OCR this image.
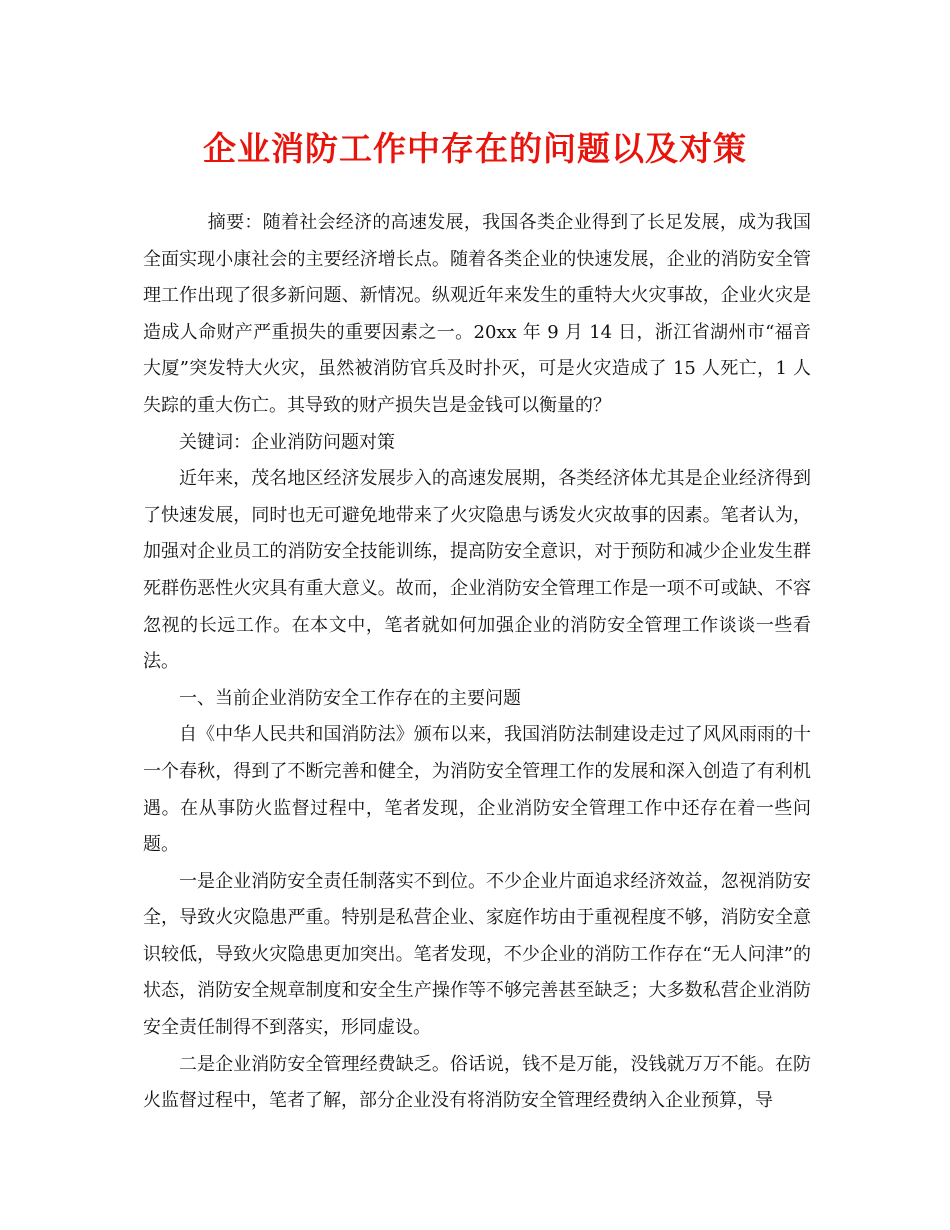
企业消防工作中存在的问题以及对策

摘要：随着社会经济的高速发展，我国各类企业得到了长足发展，成为我国全面实现小康社会的主要经济增长点。随着各类企业的快速发展，企业的消防安全管理工作出现了很多新问题、新情况。纵观近年来发生的重特大火灾事故，企业火灾是造成人命财产严重损失的重要因素之一。20xx 年 9 月 14 日，浙江省湖州市“福音大厦”突发特大火灾，虽然被消防官兵及时扑灭，可是火灾造成了 15 人死亡，1 人失踪的重大伤亡。其导致的财产损失岂是金钱可以衡量的？

关键词：企业消防问题对策

近年来，茂名地区经济发展步入的高速发展期，各类经济体尤其是企业经济得到了快速发展，同时也无可避免地带来了火灾隐患与诱发火灾故事的因素。笔者认为，加强对企业员工的消防安全技能训练，提高防安全意识，对于预防和减少企业发生群死群伤恶性火灾具有重大意义。故而，企业消防安全管理工作是一项不可或缺、不容忽视的长远工作。在本文中，笔者就如何加强企业的消防安全管理工作谈谈一些看法。

一、当前企业消防安全工作存在的主要问题

自《中华人民共和国消防法》颁布以来，我国消防法制建设走过了风风雨雨的十一个春秋，得到了不断完善和健全，为消防安全管理工作的发展和深入创造了有利机遇。在从事防火监督过程中，笔者发现，企业消防安全管理工作中还存在着一些问题。

一是企业消防安全责任制落实不到位。不少企业片面追求经济效益，忽视消防安全，导致火灾隐患严重。特别是私营企业、家庭作坊由于重视程度不够，消防安全意识较低，导致火灾隐患更加突出。笔者发现，不少企业的消防工作存在“无人问津”的状态，消防安全规章制度和安全生产操作等不够完善甚至缺乏；大多数私营企业消防安全责任制得不到落实，形同虚设。

二是企业消防安全管理经费缺乏。俗话说，钱不是万能，没钱就万万不能。在防火监督过程中，笔者了解，部分企业没有将消防安全管理经费纳入企业预算，导
